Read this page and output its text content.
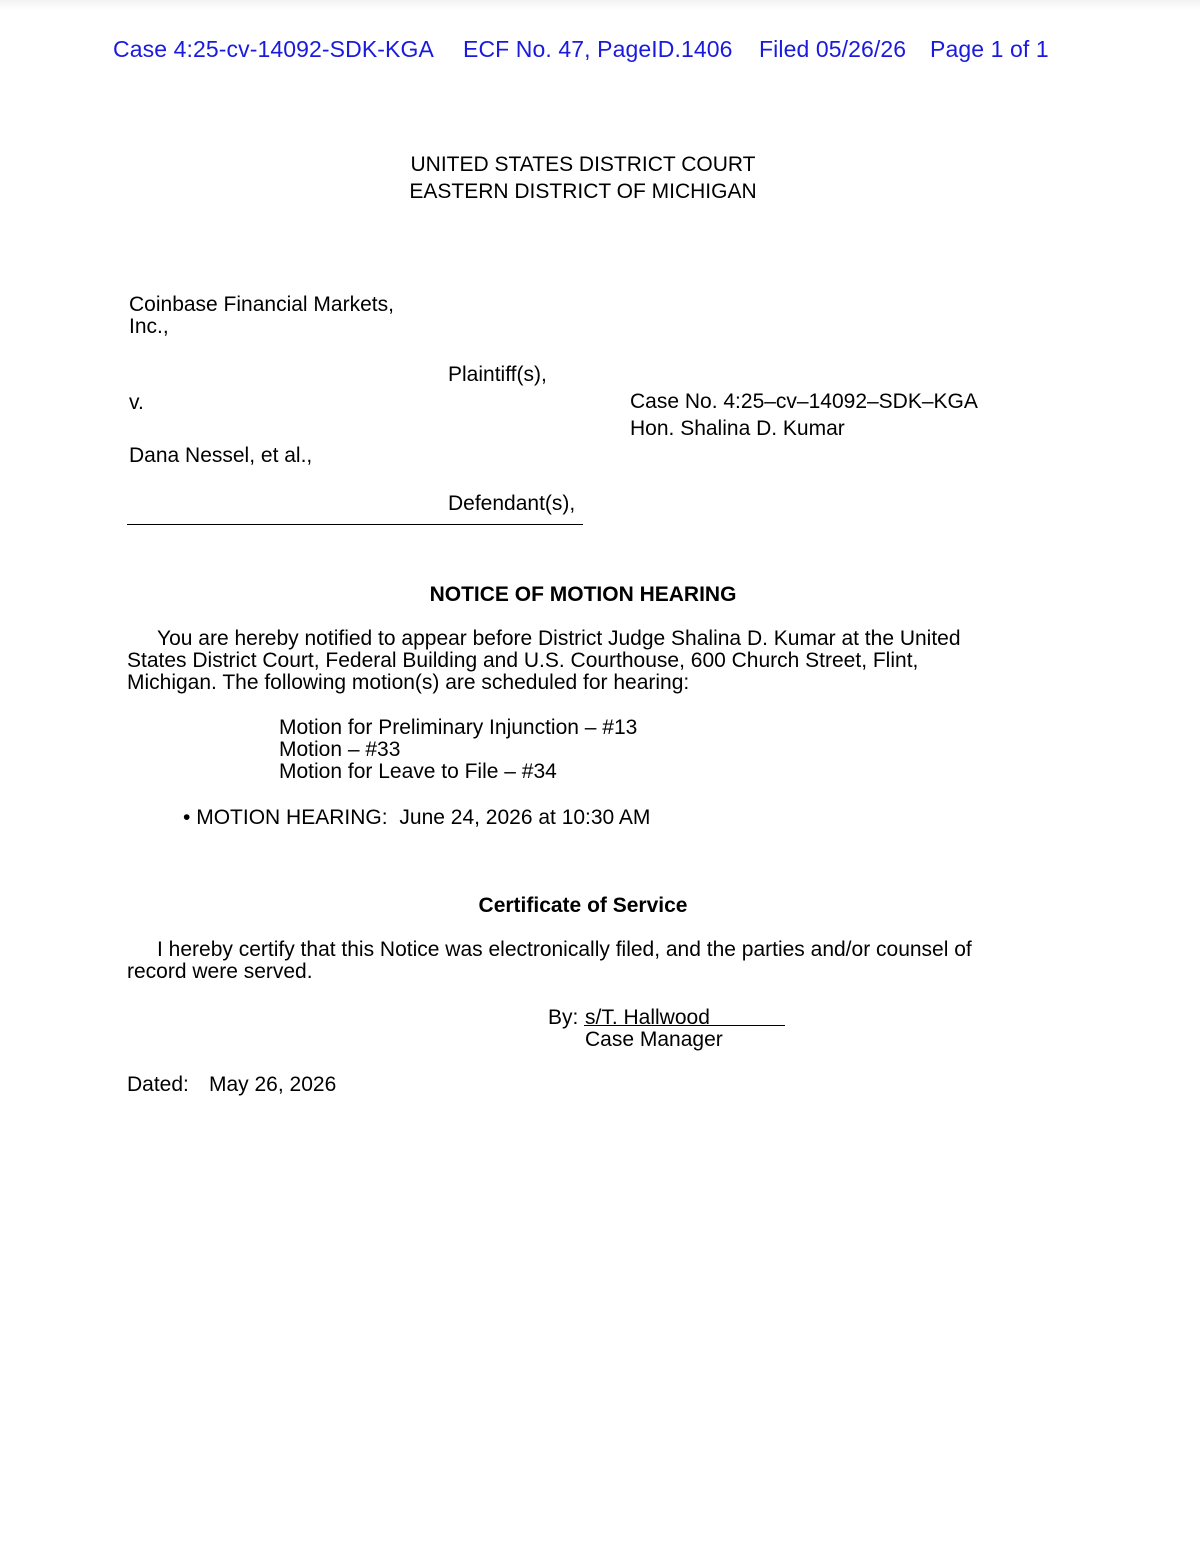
Case 4:25-cv-14092-SDK-KGA ECF No. 47, PageID.1406 Filed 05/26/26 Page 1 of 1
UNITED STATES DISTRICT COURT
EASTERN DISTRICT OF MICHIGAN
Coinbase Financial Markets,
Inc.,
Plaintiff(s),
v.	Case No. 4:25–cv–14092–SDK–KGA
Hon. Shalina D. Kumar
Dana Nessel, et al.,
Defendant(s),
NOTICE OF MOTION HEARING
You are hereby notified to appear before District Judge Shalina D. Kumar at the United
States District Court, Federal Building and U.S. Courthouse, 600 Church Street, Flint,
Michigan. The following motion(s) are scheduled for hearing:
Motion for Preliminary Injunction – #13
Motion – #33
Motion for Leave to File – #34
• MOTION HEARING: June 24, 2026 at 10:30 AM
Certificate of Service
I hereby certify that this Notice was electronically filed, and the parties and/or counsel of
record were served.
By: s/T. Hallwood
Case Manager
Dated: May 26, 2026
